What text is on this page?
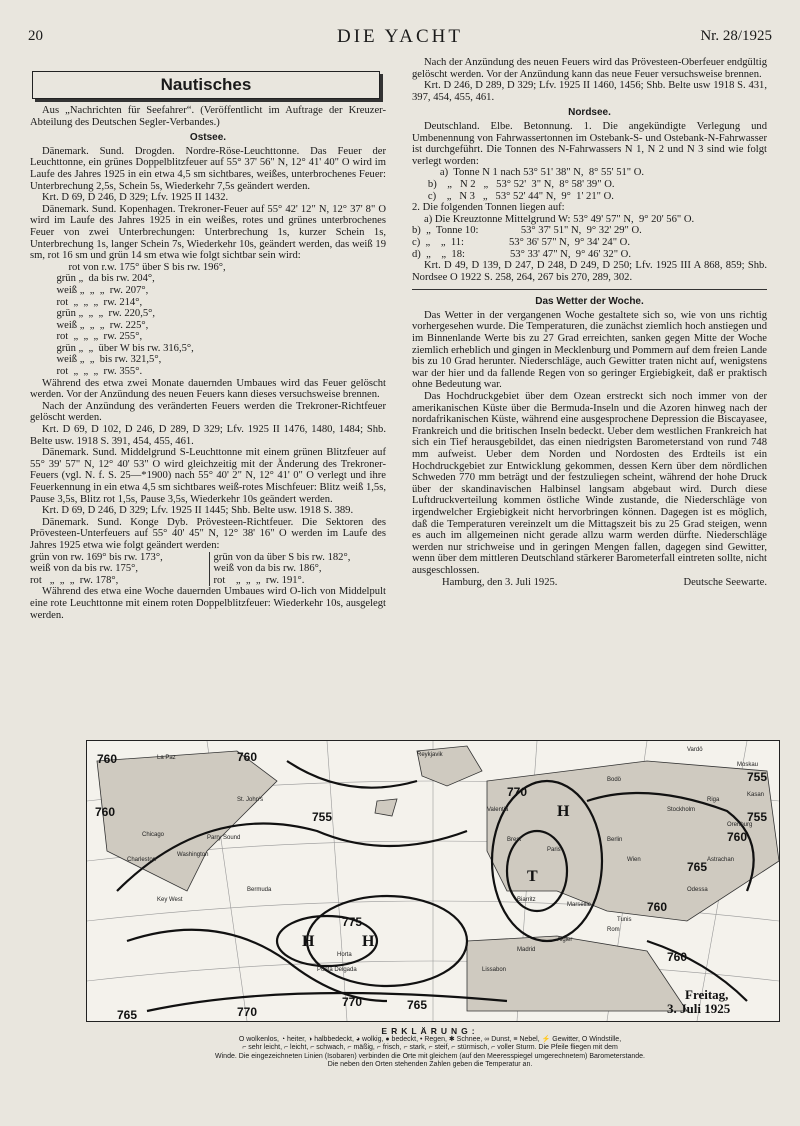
20	DIE YACHT	Nr. 28/1925
Nautisches

Aus „Nachrichten für Seefahrer“. (Veröffentlicht im Auftrage der Kreuzer-Abteilung des Deutschen Segler-Verbandes.)

Ostsee.

Dänemark. Sund. Drogden. Nordre-Röse-Leuchttonne. Das Feuer der Leuchttonne, ein grünes Doppelblitzfeuer auf 55° 37' 56" N, 12° 41' 40" O wird im Laufe des Jahres 1925 in ein etwa 4,5 sm sichtbares, weißes, unterbrochenes Feuer: Unterbrechung 2,5s, Schein 5s, Wiederkehr 7,5s geändert werden.

Krt. D 69, D 246, D 329; Lfv. 1925 II 1432.

Dänemark. Sund. Kopenhagen. Trekroner-Feuer auf 55° 42' 12" N, 12° 37' 8" O wird im Laufe des Jahres 1925 in ein weißes, rotes und grünes unterbrochenes Feuer von zwei Unterbrechungen: Unterbrechung 1s, kurzer Schein 1s, Unterbrechung 1s, langer Schein 7s, Wiederkehr 10s, geändert werden, das weiß 19 sm, rot 16 sm und grün 14 sm etwa wie folgt sichtbar sein wird:

rot von r.w. 175° über S bis rw. 196°,
grün „  da bis rw. 204°,
weiß „  „  „  rw. 207°,
rot  „  „  „  rw. 214°,
grün „  „  „  rw. 220,5°,
weiß „  „  „  rw. 225°,
rot  „  „  „  rw. 255°,
grün „  „  über W bis rw. 316,5°,
weiß „  „  bis rw. 321,5°,
rot  „  „  „  rw. 355°.

Während des etwa zwei Monate dauernden Umbaues wird das Feuer gelöscht werden. Vor der Anzündung des neuen Feuers kann dieses versuchsweise brennen.

Nach der Anzündung des veränderten Feuers werden die Trekroner-Richtfeuer gelöscht werden.

Krt. D 69, D 102, D 246, D 289, D 329; Lfv. 1925 II 1476, 1480, 1484; Shb. Belte usw. 1918 S. 391, 454, 455, 461.

Dänemark. Sund. Middelgrund S-Leuchttonne mit einem grünen Blitzfeuer auf 55° 39' 57" N, 12° 40' 53" O wird gleichzeitig mit der Änderung des Trekroner-Feuers (vgl. N. f. S. 25—*1900) nach 55° 40' 2" N, 12° 41' 0" O verlegt und ihre Feuerkennung in ein etwa 4,5 sm sichtbares weiß-rotes Mischfeuer: Blitz weiß 1,5s, Pause 3,5s, Blitz rot 1,5s, Pause 3,5s, Wiederkehr 10s geändert werden.

Krt. D 69, D 246, D 329; Lfv. 1925 II 1445; Shb. Belte usw. 1918 S. 389.

Dänemark. Sund. Konge Dyb. Prövesteen-Richtfeuer. Die Sektoren des Prövesteen-Unterfeuers auf 55° 40' 45" N, 12° 38' 16" O werden im Laufe des Jahres 1925 etwa wie folgt geändert werden:

grün von rw. 169° bis rw. 173°,
weiß von da bis rw. 175°,
rot   „  „  „  rw. 178°,
grün von da über S bis rw. 182°,
weiß von da bis rw. 186°,
rot    „  „  „  rw. 191°.

Während des etwa eine Woche dauernden Umbaues wird O-lich von Middelpult eine rote Leuchttonne mit einem roten Doppelblitzfeuer: Wiederkehr 10s, ausgelegt werden.

Nach der Anzündung des neuen Feuers wird das Prövesteen-Oberfeuer endgültig gelöscht werden. Vor der Anzündung kann das neue Feuer versuchsweise brennen.

Krt. D 246, D 289, D 329; Lfv. 1925 II 1460, 1456; Shb. Belte usw 1918 S. 431, 397, 454, 455, 461.

Nordsee.

Deutschland. Elbe. Betonnung. 1. Die angekündigte Verlegung und Umbenennung von Fahrwassertonnen im Ostebank-S- und Ostebank-N-Fahrwasser ist durchgeführt. Die Tonnen des N-Fahrwassers N 1, N 2 und N 3 sind wie folgt verlegt worden:

a)  Tonne N 1 nach 53° 51' 38" N,  8° 55' 51" O.
b)    „   N 2   „   53° 52'  3" N,  8° 58' 39" O.
c)    „   N 3   „   53° 52' 44" N,  9°  1' 21" O.

2. Die folgenden Tonnen liegen auf:

a) Die Kreuztonne Mittelgrund W: 53° 49' 57" N,  9° 20' 56" O.
b)  „  Tonne 10:                53° 37' 51" N,  9° 32' 29" O.
c)  „    „  11:                 53° 36' 57" N,  9° 34' 24" O.
d)  „    „  18:                 53° 33' 47" N,  9° 46' 32" O.

Krt. D 49, D 139, D 247, D 248, D 249, D 250; Lfv. 1925 III A 868, 859; Shb. Nordsee O 1922 S. 258, 264, 267 bis 270, 289, 302.

Das Wetter der Woche.

Das Wetter in der vergangenen Woche gestaltete sich so, wie von uns richtig vorhergesehen wurde. Die Temperaturen, die zunächst ziemlich hoch anstiegen und im Binnenlande Werte bis zu 27 Grad erreichten, sanken gegen Mitte der Woche ziemlich erheblich und gingen in Mecklenburg und Pommern auf dem freien Lande bis zu 10 Grad herunter. Niederschläge, auch Gewitter traten nicht auf, wenigstens war der hier und da fallende Regen von so geringer Ergiebigkeit, daß er praktisch ohne Bedeutung war.

Das Hochdruckgebiet über dem Ozean erstreckt sich noch immer von der amerikanischen Küste über die Bermuda-Inseln und die Azoren hinweg nach der nordafrikanischen Küste, während eine ausgesprochene Depression die Biscayasee, Frankreich und die britischen Inseln bedeckt. Ueber dem westlichen Frankreich hat sich ein Tief herausgebildet, das einen niedrigsten Barometerstand von rund 748 mm aufweist. Ueber dem Norden und Nordosten des Erdteils ist ein Hochdruckgebiet zur Entwicklung gekommen, dessen Kern über dem nördlichen Schweden 770 mm beträgt und der festzuliegen scheint, während der hohe Druck über der skandinavischen Halbinsel langsam abgebaut wird. Durch diese Luftdruckverteilung kommen östliche Winde zustande, die Niederschläge von irgendwelcher Ergiebigkeit nicht hervorbringen können. Dagegen ist es möglich, daß die Temperaturen vereinzelt um die Mittagszeit bis zu 25 Grad steigen, wenn es auch im allgemeinen nicht gerade allzu warm werden dürfte. Niederschläge werden nur strichweise und in geringen Mengen fallen, dagegen sind Gewitter, wenn über dem mittleren Deutschland stärkerer Barometerfall eintreten sollte, nicht ausgeschlossen.

Hamburg, den 3. Juli 1925.	Deutsche Seewarte.
760	760
755
760
770
775
770
765
765
770
760
755
755
760
760
765
H
H
T
H
La Paz
St. John's
Chicago	Parry Sound
Washington
Charleston
Key West
Bermuda
Horta
Ponta Delgada
Reykjavik
Vardö
Bodö
Stockholm
Riga
Moskau
Kasan
Orenburg
Astrachan
Odessa
Wien
Berlin
Paris
Brest
Valentia
Rom
Algier
Madrid
Lissabon
Tunis
Biarritz
Marseille
Freitag,
3. Juli 1925
ERKLÄRUNG:
O wolkenlos, ◔ heiter, ◑ halbbedeckt, ◕ wolkig, ● bedeckt, • Regen, ✱ Schnee, ∞ Dunst, ≡ Nebel, ⚡ Gewitter, O Windstille,
⌐ sehr leicht, ⌐ leicht, ⌐ schwach, ⌐ mäßig, ⌐ frisch, ⌐ stark, ⌐ steif, ⌐ stürmisch, ⌐ voller Sturm. Die Pfeile fliegen mit dem
Winde. Die eingezeichneten Linien (Isobaren) verbinden die Orte mit gleichem (auf den Meeresspiegel umgerechnetem) Barometerstande.
Die neben den Orten stehenden Zahlen geben die Temperatur an.
